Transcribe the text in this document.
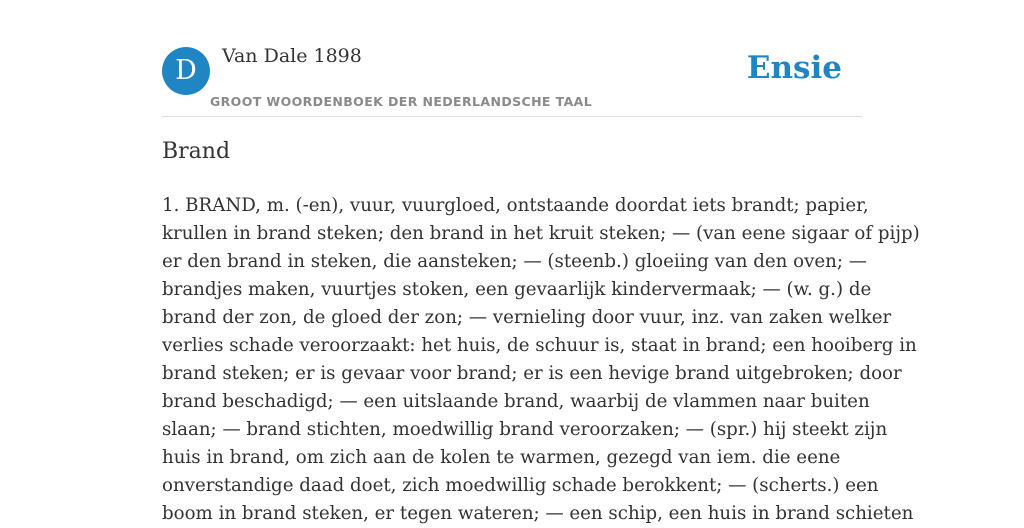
D	Van Dale 1898
GROOT WOORDENBOEK DER NEDERLANDSCHE TAAL
Ensie
Brand
1. BRAND, m. (-en), vuur, vuurgloed, ontstaande doordat iets brandt; papier,
krullen in brand steken; den brand in het kruit steken; — (van eene sigaar of pijp)
er den brand in steken, die aansteken; — (steenb.) gloeiing van den oven; —
brandjes maken, vuurtjes stoken, een gevaarlijk kindervermaak; — (w. g.) de
brand der zon, de gloed der zon; — vernieling door vuur, inz. van zaken welker
verlies schade veroorzaakt: het huis, de schuur is, staat in brand; een hooiberg in
brand steken; er is gevaar voor brand; er is een hevige brand uitgebroken; door
brand beschadigd; — een uitslaande brand, waarbij de vlammen naar buiten
slaan; — brand stichten, moedwillig brand veroorzaken; — (spr.) hij steekt zijn
huis in brand, om zich aan de kolen te warmen, gezegd van iem. die eene
onverstandige daad doet, zich moedwillig schade berokkent; — (scherts.) een
boom in brand steken, er tegen wateren; — een schip, een huis in brand schieten
